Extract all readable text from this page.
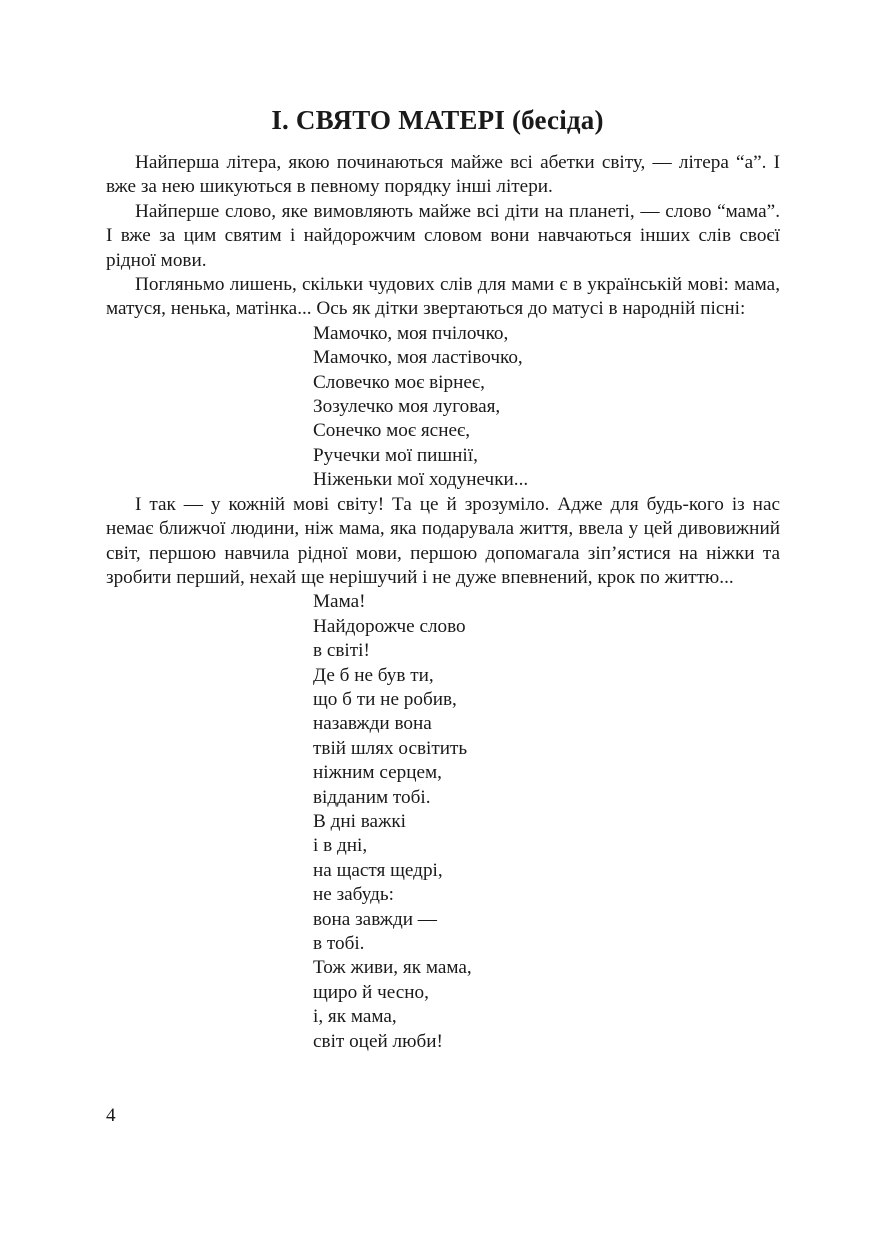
І. СВЯТО МАТЕРІ (бесіда)

Найперша літера, якою починаються майже всі абетки світу, — літера “а”. І вже за нею шикуються в певному порядку інші літери.

Найперше слово, яке вимовляють майже всі діти на планеті, — слово “мама”. І вже за цим святим і найдорожчим словом вони навчаються інших слів своєї рідної мови.

Погляньмо лишень, скільки чудових слів для мами є в українській мові: мама, матуся, ненька, матінка... Ось як дітки звертаються до матусі в народній пісні:

Мамочко, моя пчілочко,
Мамочко, моя ластівочко,
Словечко моє вірнеє,
Зозулечко моя луговая,
Сонечко моє яснеє,
Ручечки мої пишнії,
Ніженьки мої ходунечки...

І так — у кожній мові світу! Та це й зрозуміло. Адже для будь-кого із нас немає ближчої людини, ніж мама, яка подарувала життя, ввела у цей дивовижний світ, першою навчила рідної мови, першою допомагала зіп’ястися на ніжки та зробити перший, нехай ще нерішучий і не дуже впевнений, крок по життю...

Мама!
Найдорожче слово
в світі!
Де б не був ти,
що б ти не робив,
назавжди вона
твій шлях освітить
ніжним серцем,
відданим тобі.
В дні важкі
і в дні,
на щастя щедрі,
не забудь:
вона завжди —
в тобі.
Тож живи, як мама,
щиро й чесно,
і, як мама,
світ оцей люби!
4
